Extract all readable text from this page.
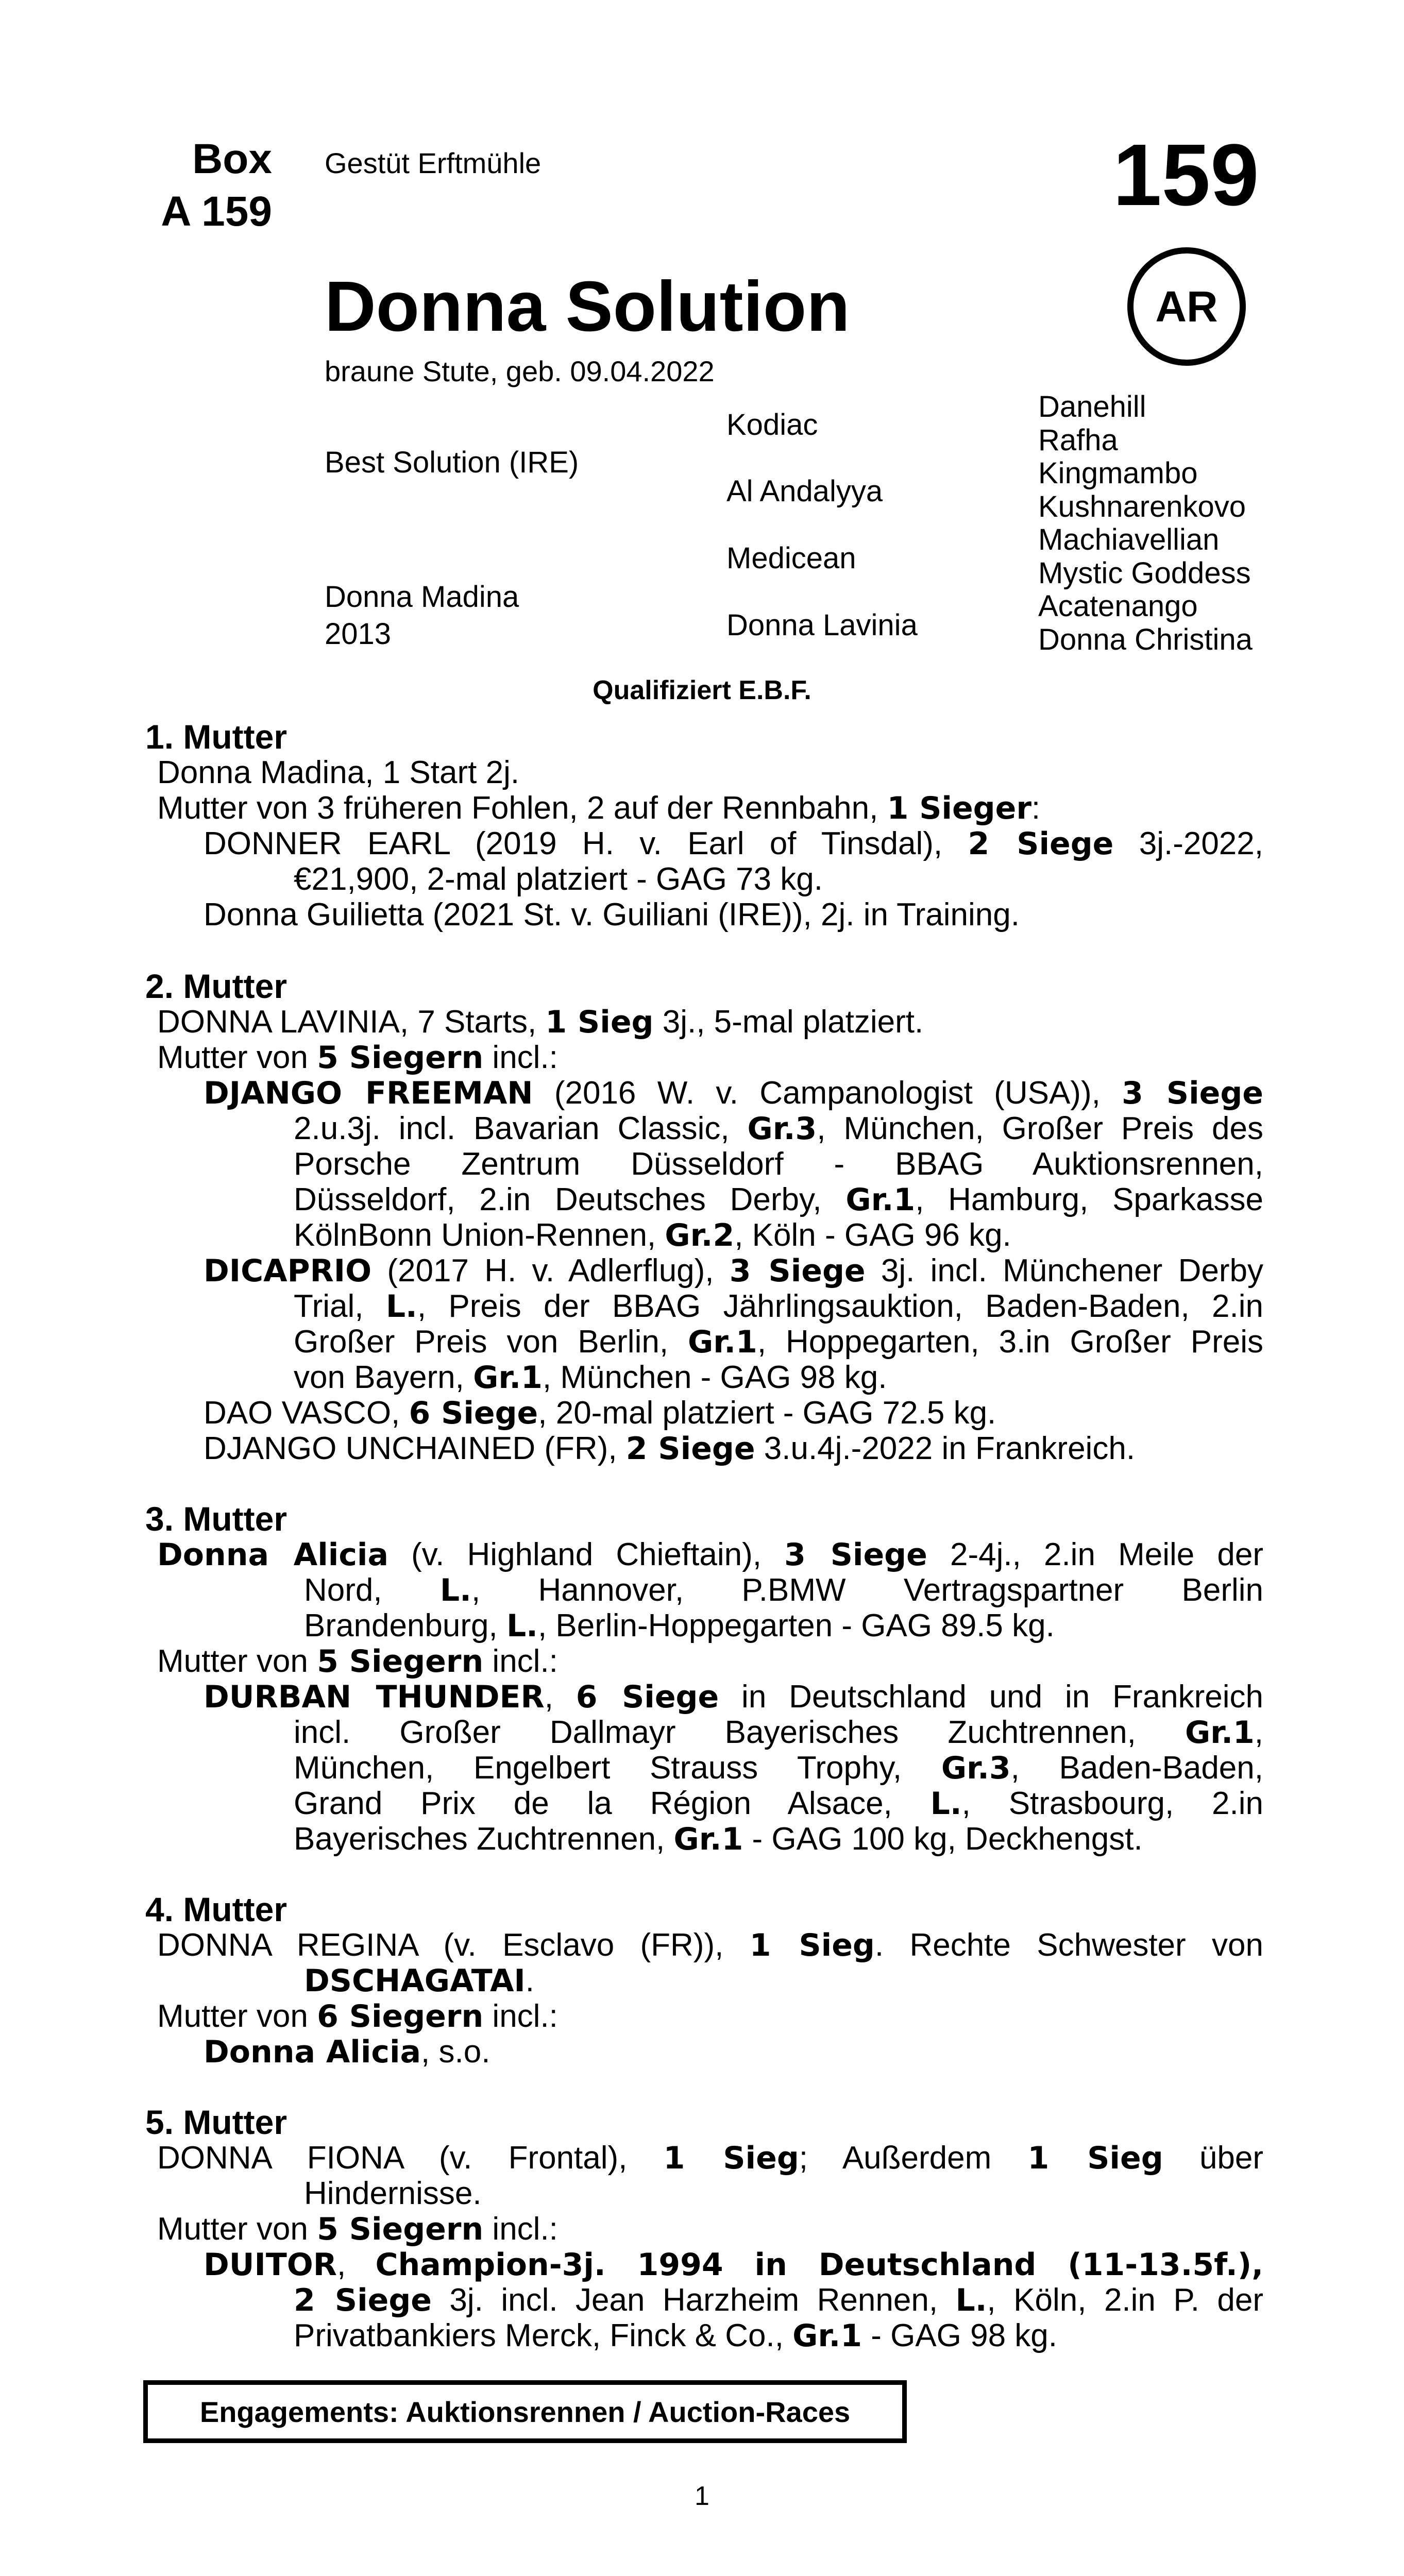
Box
A 159
Gestüt Erftmühle	159
AR
Donna Solution
braune Stute, geb. 09.04.2022
Best Solution (IRE)
Donna Madina
2013
Kodiac
Al Andalyya
Medicean
Donna Lavinia
Danehill
Rafha
Kingmambo
Kushnarenkovo
Machiavellian
Mystic Goddess
Acatenango
Donna Christina
Qualifiziert E.B.F.
1. Mutter
Donna Madina, 1 Start 2j.
Mutter von 3 früheren Fohlen, 2 auf der Rennbahn, 1 Sieger:
DONNER EARL (2019 H. v. Earl of Tinsdal), 2 Siege 3j.-2022,
€21,900, 2-mal platziert - GAG 73 kg.
Donna Guilietta (2021 St. v. Guiliani (IRE)), 2j. in Training.
2. Mutter
DONNA LAVINIA, 7 Starts, 1 Sieg 3j., 5-mal platziert.
Mutter von 5 Siegern incl.:
DJANGO FREEMAN (2016 W. v. Campanologist (USA)), 3 Siege
2.u.3j. incl. Bavarian Classic, Gr.3, München, Großer Preis des
Porsche Zentrum Düsseldorf - BBAG Auktionsrennen,
Düsseldorf, 2.in Deutsches Derby, Gr.1, Hamburg, Sparkasse
KölnBonn Union-Rennen, Gr.2, Köln - GAG 96 kg.
DICAPRIO (2017 H. v. Adlerflug), 3 Siege 3j. incl. Münchener Derby
Trial, L., Preis der BBAG Jährlingsauktion, Baden-Baden, 2.in
Großer Preis von Berlin, Gr.1, Hoppegarten, 3.in Großer Preis
von Bayern, Gr.1, München - GAG 98 kg.
DAO VASCO, 6 Siege, 20-mal platziert - GAG 72.5 kg.
DJANGO UNCHAINED (FR), 2 Siege 3.u.4j.-2022 in Frankreich.
3. Mutter
Donna Alicia (v. Highland Chieftain), 3 Siege 2-4j., 2.in Meile der
Nord, L., Hannover, P.BMW Vertragspartner Berlin
Brandenburg, L., Berlin-Hoppegarten - GAG 89.5 kg.
Mutter von 5 Siegern incl.:
DURBAN THUNDER, 6 Siege in Deutschland und in Frankreich
incl. Großer Dallmayr Bayerisches Zuchtrennen, Gr.1,
München, Engelbert Strauss Trophy, Gr.3, Baden-Baden,
Grand Prix de la Région Alsace, L., Strasbourg, 2.in
Bayerisches Zuchtrennen, Gr.1 - GAG 100 kg, Deckhengst.
4. Mutter
DONNA REGINA (v. Esclavo (FR)), 1 Sieg. Rechte Schwester von
DSCHAGATAI.
Mutter von 6 Siegern incl.:
Donna Alicia, s.o.
5. Mutter
DONNA FIONA (v. Frontal), 1 Sieg; Außerdem 1 Sieg über
Hindernisse.
Mutter von 5 Siegern incl.:
DUITOR, Champion-3j. 1994 in Deutschland (11-13.5f.),
2 Siege 3j. incl. Jean Harzheim Rennen, L., Köln, 2.in P. der
Privatbankiers Merck, Finck & Co., Gr.1 - GAG 98 kg.
Engagements: Auktionsrennen / Auction-Races
1
